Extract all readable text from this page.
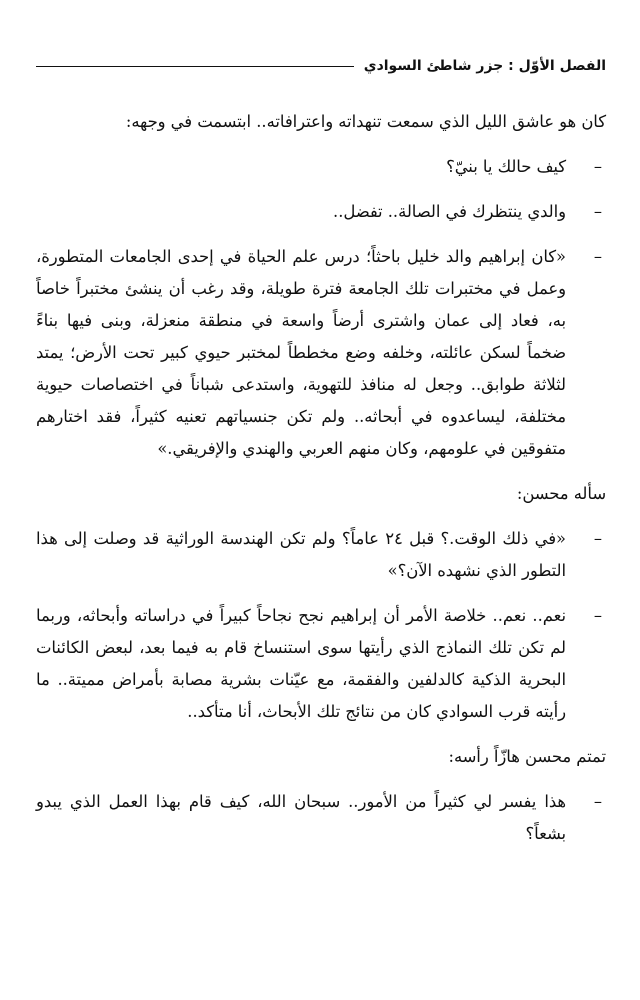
الفصل الأوّل : جزر شاطئ السوادي

كان هو عاشق الليل الذي سمعت تنهداته واعترافاته.. ابتسمت في وجهه:

–
كيف حالك يا بنيّ؟

–
والدي ينتظرك في الصالة.. تفضل..

–
«كان إبراهيم والد خليل باحثاً؛ درس علم الحياة في إحدى الجامعات المتطورة، وعمل في مختبرات تلك الجامعة فترة طويلة، وقد رغب أن ينشئ مختبراً خاصاً به، فعاد إلى عمان واشترى أرضاً واسعة في منطقة منعزلة، وبنى فيها بناءً ضخماً لسكن عائلته، وخلفه وضع مخططاً لمختبر حيوي كبير تحت الأرض؛ يمتد لثلاثة طوابق.. وجعل له منافذ للتهوية، واستدعى شباناً في اختصاصات حيوية مختلفة، ليساعدوه في أبحاثه.. ولم تكن جنسياتهم تعنيه كثيراً، فقد اختارهم متفوقين في علومهم، وكان منهم العربي والهندي والإفريقي.»

سأله محسن:

–
«في ذلك الوقت.؟ قبل ٢٤ عاماً؟ ولم تكن الهندسة الوراثية قد وصلت إلى هذا التطور الذي نشهده الآن؟»

–
نعم.. نعم.. خلاصة الأمر أن إبراهيم نجح نجاحاً كبيراً في دراساته وأبحاثه، وربما لم تكن تلك النماذج الذي رأيتها سوى استنساخ قام به فيما بعد، لبعض الكائنات البحرية الذكية كالدلفين والفقمة، مع عيّنات بشرية مصابة بأمراض مميتة.. ما رأيته قرب السوادي كان من نتائج تلك الأبحاث، أنا متأكد..

تمتم محسن هازّاً رأسه:

–
هذا يفسر لي كثيراً من الأمور.. سبحان الله، كيف قام بهذا العمل الذي يبدو بشعاً؟
